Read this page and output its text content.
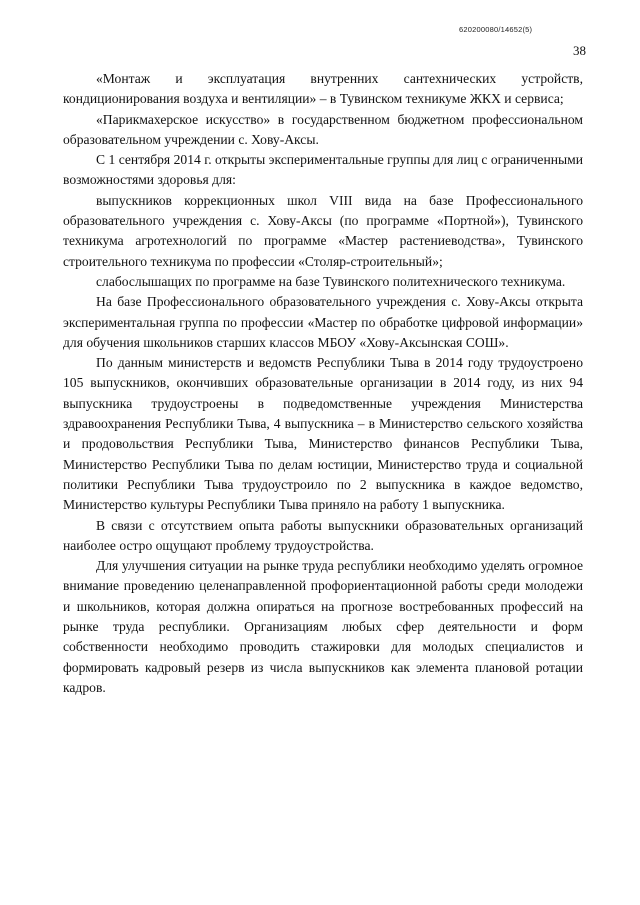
620200080/14652(5)
38

«Монтаж и эксплуатация внутренних сантехнических устройств, кондиционирования воздуха и вентиляции» – в Тувинском техникуме ЖКХ и сервиса;

«Парикмахерское искусство» в государственном бюджетном профессиональном образовательном учреждении с. Хову-Аксы.

С 1 сентября 2014 г. открыты экспериментальные группы для лиц с ограниченными возможностями здоровья для:

выпускников коррекционных школ VIII вида на базе Профессионального образовательного учреждения с. Хову-Аксы (по программе «Портной»), Тувинского техникума агротехнологий по программе «Мастер растениеводства», Тувинского строительного техникума по профессии «Столяр-строительный»;

слабослышащих по программе на базе Тувинского политехнического техникума.

На базе Профессионального образовательного учреждения с. Хову-Аксы открыта экспериментальная группа по профессии «Мастер по обработке цифровой информации» для обучения школьников старших классов МБОУ «Хову-Аксынская СОШ».

По данным министерств и ведомств Республики Тыва в 2014 году трудоустроено 105 выпускников, окончивших образовательные организации в 2014 году, из них 94 выпускника трудоустроены в подведомственные учреждения Министерства здравоохранения Республики Тыва, 4 выпускника – в Министерство сельского хозяйства и продовольствия Республики Тыва, Министерство финансов Республики Тыва, Министерство Республики Тыва по делам юстиции, Министерство труда и социальной политики Республики Тыва трудоустроило по 2 выпускника в каждое ведомство, Министерство культуры Республики Тыва приняло на работу 1 выпускника.

В связи с отсутствием опыта работы выпускники образовательных организаций наиболее остро ощущают проблему трудоустройства.

Для улучшения ситуации на рынке труда республики необходимо уделять огромное внимание проведению целенаправленной профориентационной работы среди молодежи и школьников, которая должна опираться на прогнозе востребованных профессий на рынке труда республики. Организациям любых сфер деятельности и форм собственности необходимо проводить стажировки для молодых специалистов и формировать кадровый резерв из числа выпускников как элемента плановой ротации кадров.
